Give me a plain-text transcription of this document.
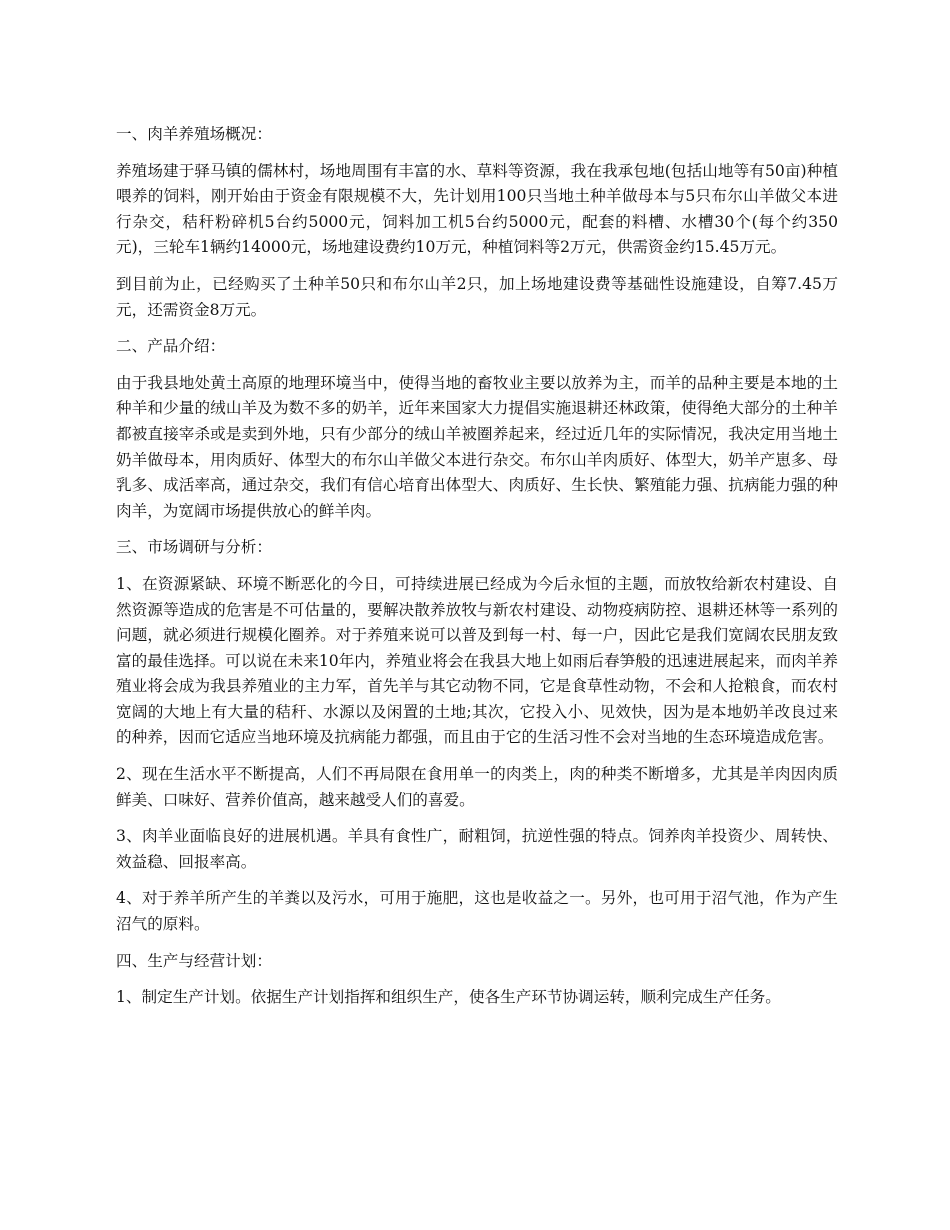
一、肉羊养殖场概况：

养殖场建于驿马镇的儒林村，场地周围有丰富的水、草料等资源，我在我承包地(包括山地等有50亩)种植喂养的饲料，刚开始由于资金有限规模不大，先计划用100只当地土种羊做母本与5只布尔山羊做父本进行杂交，秸秆粉碎机5台约5000元，饲料加工机5台约5000元，配套的料槽、水槽30个(每个约350元)，三轮车1辆约14000元，场地建设费约10万元，种植饲料等2万元，供需资金约15.45万元。

到目前为止，已经购买了土种羊50只和布尔山羊2只，加上场地建设费等基础性设施建设，自筹7.45万元，还需资金8万元。

二、产品介绍：

由于我县地处黄土高原的地理环境当中，使得当地的畜牧业主要以放养为主，而羊的品种主要是本地的土种羊和少量的绒山羊及为数不多的奶羊，近年来国家大力提倡实施退耕还林政策，使得绝大部分的土种羊都被直接宰杀或是卖到外地，只有少部分的绒山羊被圈养起来，经过近几年的实际情况，我决定用当地土奶羊做母本，用肉质好、体型大的布尔山羊做父本进行杂交。布尔山羊肉质好、体型大，奶羊产崽多、母乳多、成活率高，通过杂交，我们有信心培育出体型大、肉质好、生长快、繁殖能力强、抗病能力强的种肉羊，为宽阔市场提供放心的鲜羊肉。

三、市场调研与分析：

1、在资源紧缺、环境不断恶化的今日，可持续进展已经成为今后永恒的主题，而放牧给新农村建设、自然资源等造成的危害是不可估量的，要解决散养放牧与新农村建设、动物疫病防控、退耕还林等一系列的问题，就必须进行规模化圈养。对于养殖来说可以普及到每一村、每一户，因此它是我们宽阔农民朋友致富的最佳选择。可以说在未来10年内，养殖业将会在我县大地上如雨后春笋般的迅速进展起来，而肉羊养殖业将会成为我县养殖业的主力军，首先羊与其它动物不同，它是食草性动物，不会和人抢粮食，而农村宽阔的大地上有大量的秸秆、水源以及闲置的土地;其次，它投入小、见效快，因为是本地奶羊改良过来的种养，因而它适应当地环境及抗病能力都强，而且由于它的生活习性不会对当地的生态环境造成危害。

2、现在生活水平不断提高，人们不再局限在食用单一的肉类上，肉的种类不断增多，尤其是羊肉因肉质鲜美、口味好、营养价值高，越来越受人们的喜爱。

3、肉羊业面临良好的进展机遇。羊具有食性广，耐粗饲，抗逆性强的特点。饲养肉羊投资少、周转快、效益稳、回报率高。

4、对于养羊所产生的羊粪以及污水，可用于施肥，这也是收益之一。另外，也可用于沼气池，作为产生沼气的原料。

四、生产与经营计划：

1、制定生产计划。依据生产计划指挥和组织生产，使各生产环节协调运转，顺利完成生产任务。
